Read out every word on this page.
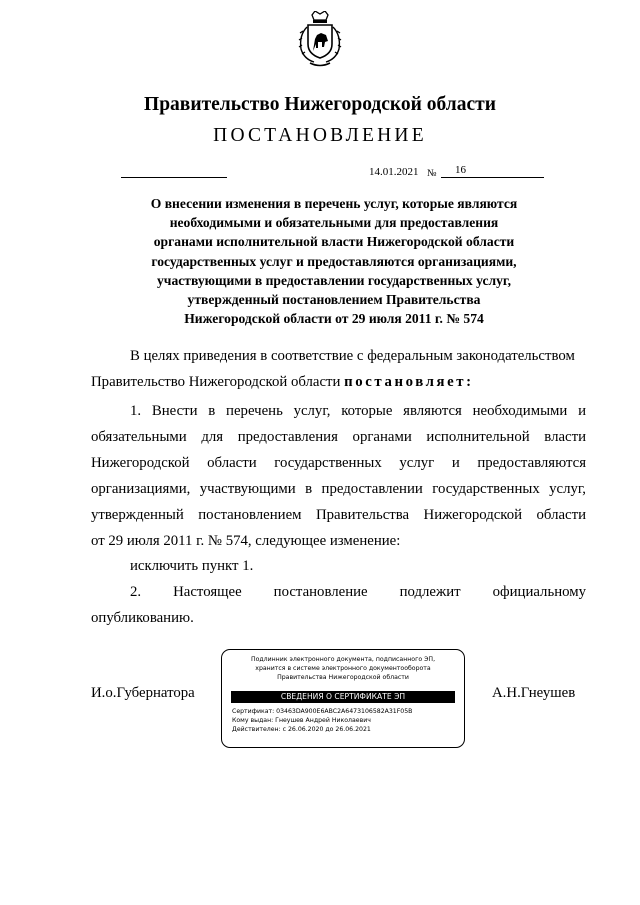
Правительство Нижегородской области
ПОСТАНОВЛЕНИЕ
14.01.2021 № 16
О внесении изменения в перечень услуг, которые являются
необходимыми и обязательными для предоставления
органами исполнительной власти Нижегородской области
государственных услуг и предоставляются организациями,
участвующими в предоставлении государственных услуг,
утвержденный постановлением Правительства
Нижегородской области от 29 июля 2011 г. № 574
В целях приведения в соответствие с федеральным законодательством
Правительство Нижегородской области постановляет:
1. Внести в перечень услуг, которые являются необходимыми и
обязательными для предоставления органами исполнительной власти
Нижегородской области государственных услуг и предоставляются
организациями, участвующими в предоставлении государственных услуг,
утвержденный постановлением Правительства Нижегородской области
от 29 июля 2011 г. № 574, следующее изменение:
исключить пункт 1.
2. Настоящее постановление подлежит официальному
опубликованию.
И.о.Губернатора	А.Н.Гнеушев
Подлинник электронного документа, подписанного ЭП,
хранится в системе электронного документооборота
Правительства Нижегородской области
СВЕДЕНИЯ О СЕРТИФИКАТЕ ЭП
Сертификат: 03463DA900E6ABC2A6473106582A31F05B
Кому выдан: Гнеушев Андрей Николаевич
Действителен: с 26.06.2020 до 26.06.2021
